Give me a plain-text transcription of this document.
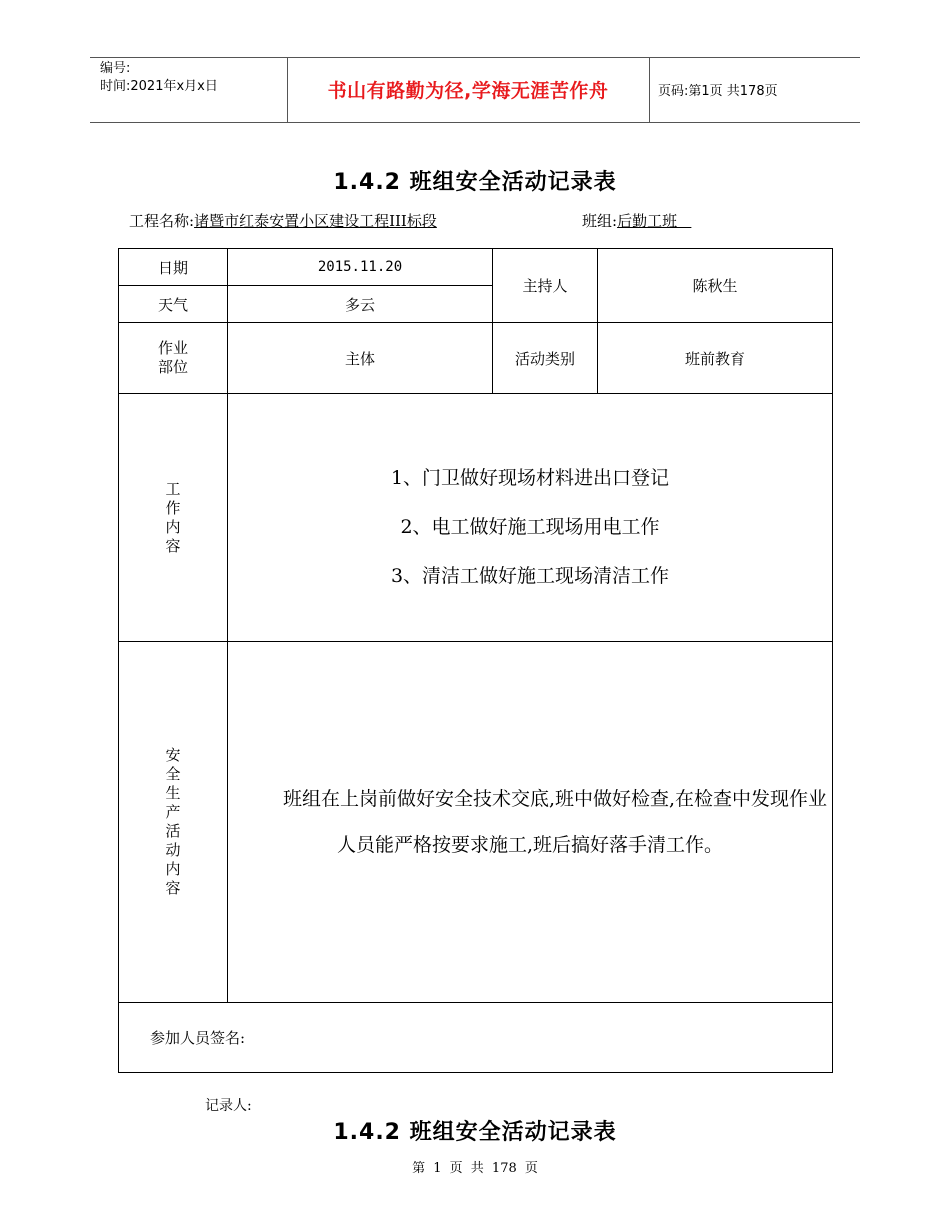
编号:
时间:2021年x月x日	书山有路勤为径,学海无涯苦作舟	页码:第1页 共178页
1.4.2 班组安全活动记录表
工程名称:诸暨市红泰安置小区建设工程III标段	班组:后勤工班
日期	2015.11.20	主持人	陈秋生
天气	多云		
作业部位	主体	活动类别	班前教育
工作内容	1、门卫做好现场材料进出口登记
2、电工做好施工现场用电工作
3、清洁工做好施工现场清洁工作		

安全生产活动内容	班组在上岗前做好安全技术交底,班中做好检查,在检查中发现作业人员能严格按要求施工,班后搞好落手清工作。		

参加人员签名:			
记录人:
1.4.2 班组安全活动记录表
第 1 页 共 178 页
